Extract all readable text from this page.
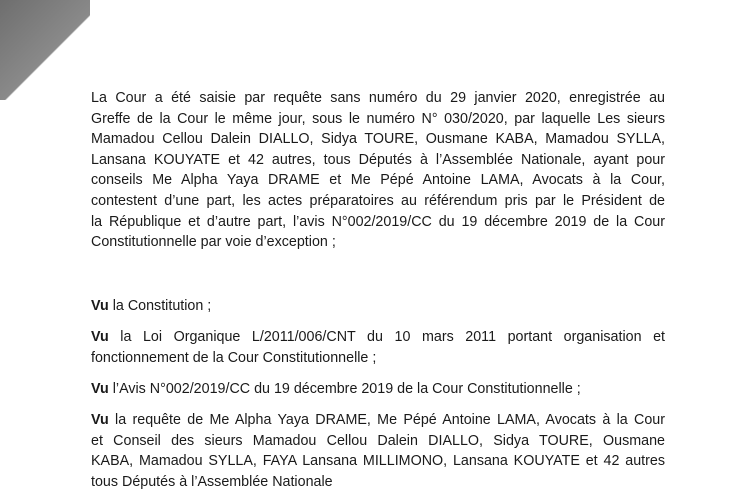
La Cour a été saisie par requête sans numéro du 29 janvier 2020, enregistrée au
Greffe de la Cour le même jour, sous le numéro N° 030/2020, par laquelle Les sieurs
Mamadou Cellou Dalein DIALLO, Sidya TOURE, Ousmane KABA, Mamadou SYLLA,
Lansana KOUYATE et 42 autres, tous Députés à l’Assemblée Nationale, ayant pour
conseils Me Alpha Yaya DRAME et Me Pépé Antoine LAMA, Avocats à la Cour,
contestent d’une part, les actes préparatoires au référendum pris par le Président de
la République et d’autre part, l’avis N°002/2019/CC du 19 décembre 2019 de la Cour
Constitutionnelle par voie d’exception ;
Vu la Constitution ;
Vu la Loi Organique L/2011/006/CNT du 10 mars 2011 portant organisation et
fonctionnement de la Cour Constitutionnelle ;
Vu l’Avis N°002/2019/CC du 19 décembre 2019 de la Cour Constitutionnelle ;
Vu la requête de Me Alpha Yaya DRAME, Me Pépé Antoine LAMA, Avocats à la Cour
et Conseil des sieurs Mamadou Cellou Dalein DIALLO, Sidya TOURE, Ousmane
KABA, Mamadou SYLLA, FAYA Lansana MILLIMONO, Lansana KOUYATE et 42 autres
tous Députés à l’Assemblée Nationale
